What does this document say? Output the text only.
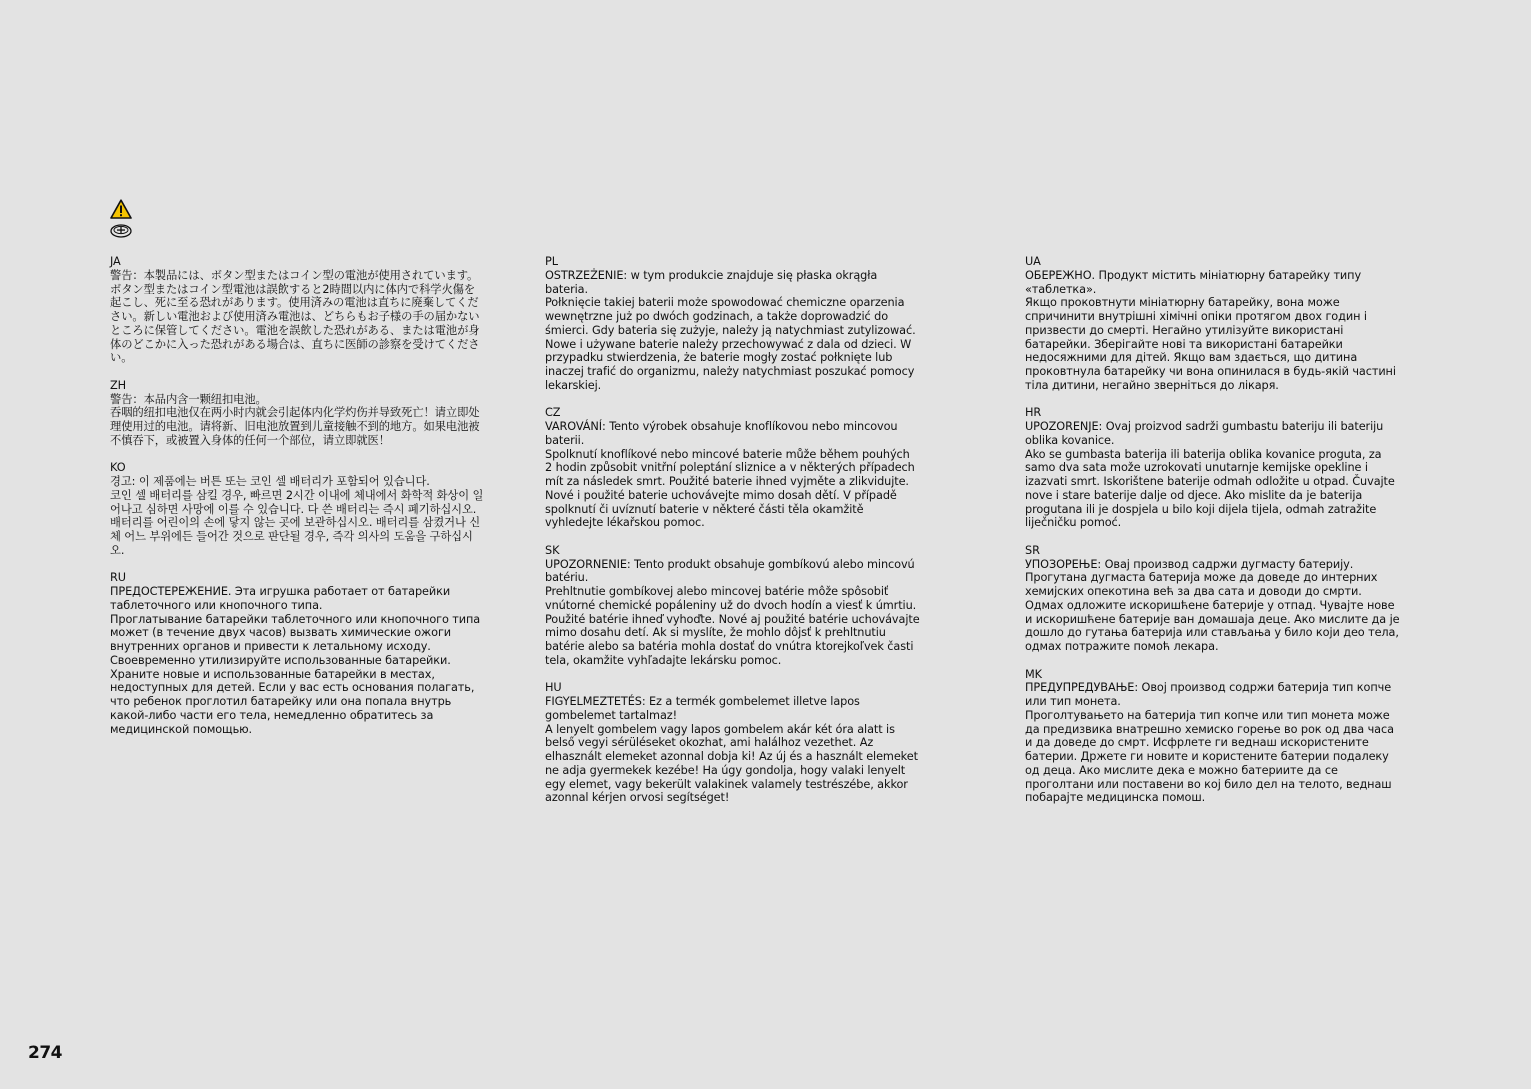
JA

警告：本製品には、ボタン型またはコイン型の電池が使用されています。

ボタン型またはコイン型電池は誤飲すると2時間以内に体内で科学火傷を起こし、死に至る恐れがあります。使用済みの電池は直ちに廃棄してください。新しい電池および使用済み電池は、どちらもお子様の手の届かないところに保管してください。電池を誤飲した恐れがある、または電池が身体のどこかに入った恐れがある場合は、直ちに医師の診察を受けてください。

ZH

警告：本品内含一颗纽扣电池。

吞咽的纽扣电池仅在两小时内就会引起体内化学灼伤并导致死亡！请立即处理使用过的电池。请将新、旧电池放置到儿童接触不到的地方。如果电池被不慎吞下，或被置入身体的任何一个部位，请立即就医！

KO

경고: 이 제품에는 버튼 또는 코인 셀 배터리가 포함되어 있습니다.

코인 셀 배터리를 삼킬 경우, 빠르면 2시간 이내에 체내에서 화학적 화상이 일어나고 심하면 사망에 이를 수 있습니다. 다 쓴 배터리는 즉시 폐기하십시오. 배터리를 어린이의 손에 닿지 않는 곳에 보관하십시오. 배터리를 삼켰거나 신체 어느 부위에든 들어간 것으로 판단될 경우, 즉각 의사의 도움을 구하십시오.

RU

ПРЕДОСТЕРЕЖЕНИЕ. Эта игрушка работает от батарейки таблеточного или кнопочного типа.

Проглатывание батарейки таблеточного или кнопочного типа может (в течение двух часов) вызвать химические ожоги внутренних органов и привести к летальному исходу. Своевременно утилизируйте использованные батарейки. Храните новые и использованные батарейки в местах, недоступных для детей. Если у вас есть основания полагать, что ребенок проглотил батарейку или она попала внутрь какой-либо части его тела, немедленно обратитесь за медицинской помощью.

PL

OSTRZEŻENIE: w tym produkcie znajduje się płaska okrągła bateria.

Połknięcie takiej baterii może spowodować chemiczne oparzenia wewnętrzne już po dwóch godzinach, a także doprowadzić do śmierci. Gdy bateria się zużyje, należy ją natychmiast zutylizować. Nowe i używane baterie należy przechowywać z dala od dzieci. W przypadku stwierdzenia, że baterie mogły zostać połknięte lub inaczej trafić do organizmu, należy natychmiast poszukać pomocy lekarskiej.

CZ

VAROVÁNÍ: Tento výrobek obsahuje knoflíkovou nebo mincovou baterii.

Spolknutí knoflíkové nebo mincové baterie může během pouhých 2 hodin způsobit vnitřní poleptání sliznice a v některých případech mít za následek smrt. Použité baterie ihned vyjměte a zlikvidujte. Nové i použité baterie uchovávejte mimo dosah dětí. V případě spolknutí či uvíznutí baterie v některé části těla okamžitě vyhledejte lékařskou pomoc.

SK

UPOZORNENIE: Tento produkt obsahuje gombíkovú alebo mincovú batériu.

Prehltnutie gombíkovej alebo mincovej batérie môže spôsobiť vnútorné chemické popáleniny už do dvoch hodín a viesť k úmrtiu. Použité batérie ihneď vyhoďte. Nové aj použité batérie uchovávajte mimo dosahu detí. Ak si myslíte, že mohlo dôjsť k prehltnutiu batérie alebo sa batéria mohla dostať do vnútra ktorejkoľvek časti tela, okamžite vyhľadajte lekársku pomoc.

HU

FIGYELMEZTETÉS: Ez a termék gombelemet illetve lapos gombelemet tartalmaz!

A lenyelt gombelem vagy lapos gombelem akár két óra alatt is belső vegyi sérüléseket okozhat, ami halálhoz vezethet. Az elhasznált elemeket azonnal dobja ki! Az új és a használt elemeket ne adja gyermekek kezébe! Ha úgy gondolja, hogy valaki lenyelt egy elemet, vagy bekerült valakinek valamely testrészébe, akkor azonnal kérjen orvosi segítséget!

UA

ОБЕРЕЖНО. Продукт містить мініатюрну батарейку типу «таблетка».

Якщо проковтнути мініатюрну батарейку, вона може спричинити внутрішні хімічні опіки протягом двох годин і призвести до смерті. Негайно утилізуйте використані батарейки. Зберігайте нові та використані батарейки недосяжними для дітей. Якщо вам здається, що дитина проковтнула батарейку чи вона опинилася в будь-якій частині тіла дитини, негайно зверніться до лікаря.

HR

UPOZORENJE: Ovaj proizvod sadrži gumbastu bateriju ili bateriju oblika kovanice.

Ako se gumbasta baterija ili baterija oblika kovanice proguta, za samo dva sata može uzrokovati unutarnje kemijske opekline i izazvati smrt. Iskorištene baterije odmah odložite u otpad. Čuvajte nove i stare baterije dalje od djece. Ako mislite da je baterija progutana ili je dospjela u bilo koji dijela tijela, odmah zatražite liječničku pomoć.

SR

УПОЗОРЕЊЕ: Овај производ садржи дугмасту батерију.

Прогутана дугмаста батерија може да доведе до интерних хемијских опекотина већ за два сата и доводи до смрти. Одмах одложите искоришћене батерије у отпад. Чувајте нове и искоришћене батерије ван домашаја деце. Ако мислите да је дошло до гутања батерија или стављања у било који део тела, одмах потражите помоћ лекара.

MK

ПРЕДУПРЕДУВАЊЕ: Овој производ содржи батерија тип копче или тип монета.

Проголтувањето на батерија тип копче или тип монета може да предизвика внатрешно хемиско горење во рок од два часа и да доведе до смрт. Исфрлете ги веднаш искористените батерии. Држете ги новите и користените батерии подалеку од деца. Ако мислите дека е можно батериите да се проголтани или поставени во кој било дел на телото, веднаш побарајте медицинска помош.

274
